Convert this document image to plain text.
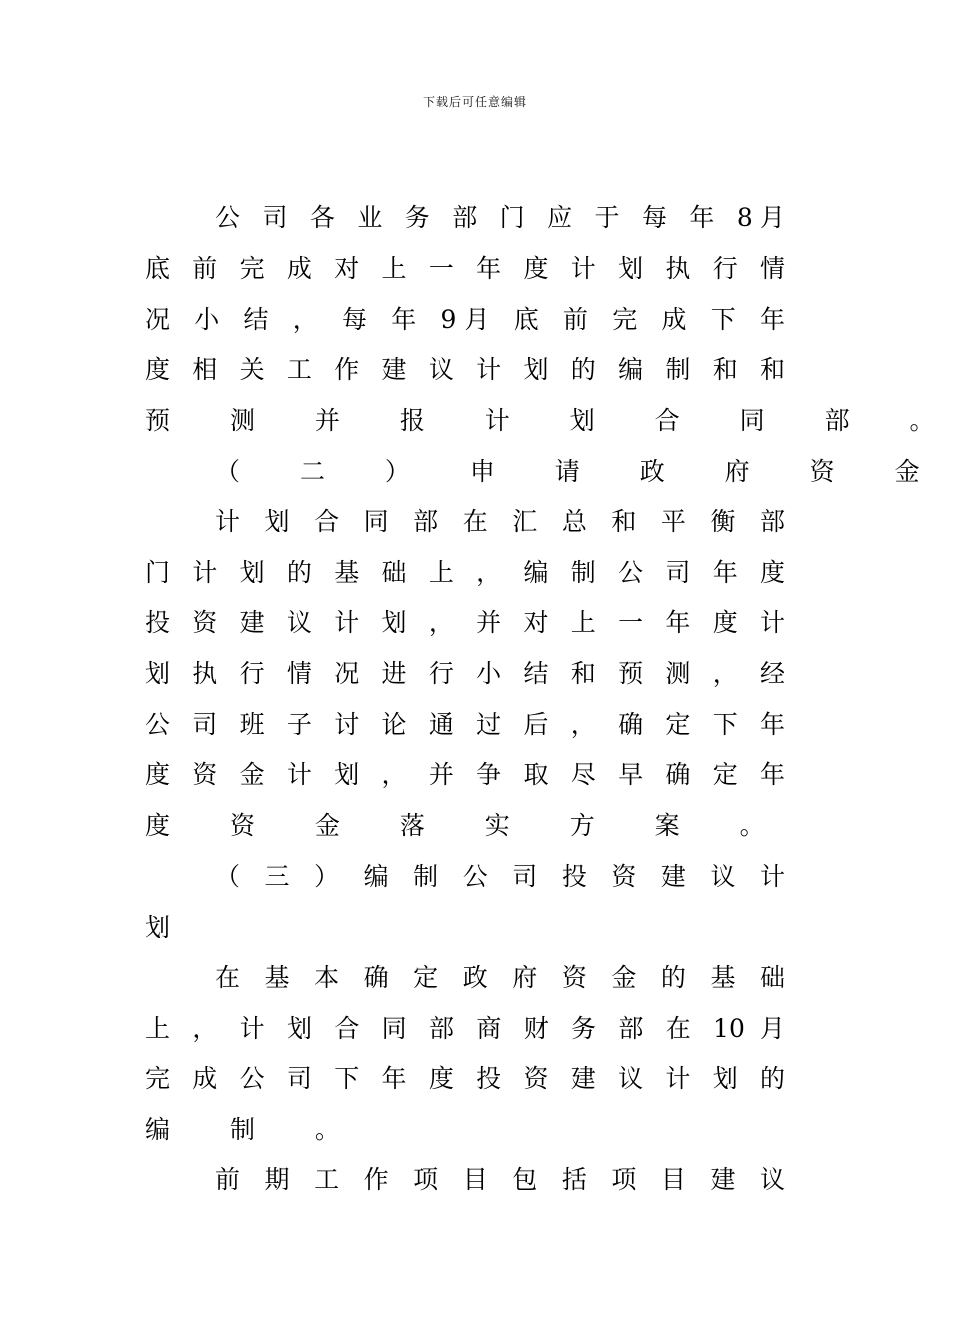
下载后可任意编辑
公 司 各 业 务 部 门 应 于 每 年 8月
底 前 完 成 对 上 一 年 度 计 划 执 行 情
况 小 结 ， 每 年 9月 底 前 完 成 下 年
度 相 关 工 作 建 议 计 划 的 编 制 和 和
预 测 并 报 计 划 合 同 部 。
（ 二 ） 申 请 政 府 资 金
计 划 合 同 部 在 汇 总 和 平 衡 部
门 计 划 的 基 础 上 ， 编 制 公 司 年 度
投 资 建 议 计 划 ， 并 对 上 一 年 度 计
划 执 行 情 况 进 行 小 结 和 预 测 ， 经
公 司 班 子 讨 论 通 过 后 ， 确 定 下 年
度 资 金 计 划 ， 并 争 取 尽 早 确 定 年
度 资 金 落 实 方 案 。
（ 三 ） 编 制 公 司 投 资 建 议 计
划
在 基 本 确 定 政 府 资 金 的 基 础
上 ， 计 划 合 同 部 商 财 务 部 在 10 月
完 成 公 司 下 年 度 投 资 建 议 计 划 的
编 制 。
前 期 工 作 项 目 包 括 项 目 建 议
